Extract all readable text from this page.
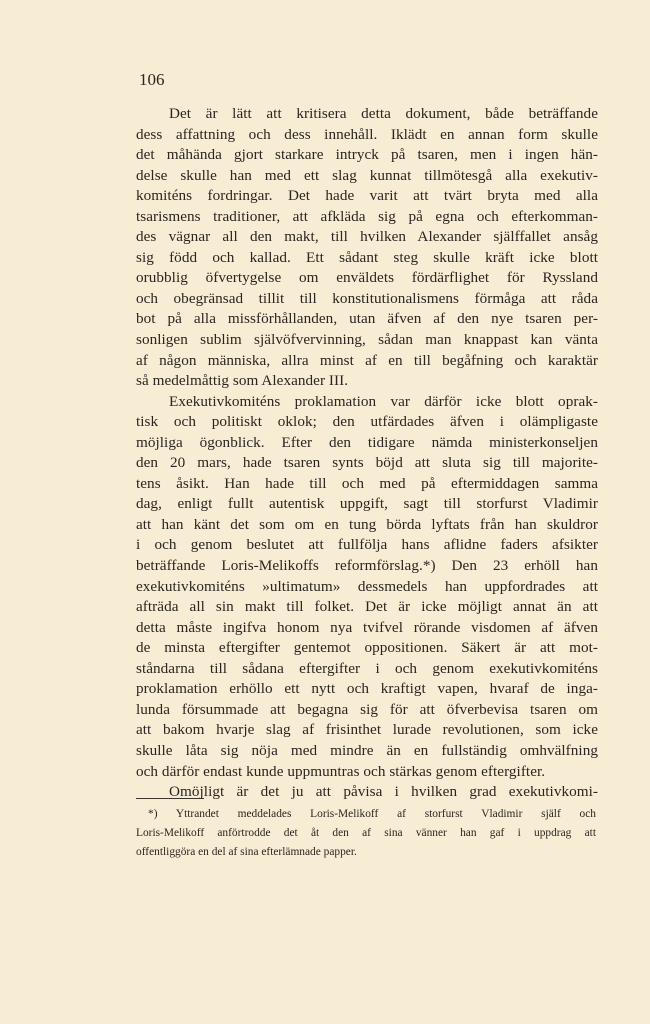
106
Det är lätt att kritisera detta dokument, både beträffande
dess affattning och dess innehåll. Iklädt en annan form skulle
det måhända gjort starkare intryck på tsaren, men i ingen hän-
delse skulle han med ett slag kunnat tillmötesgå alla exekutiv-
komiténs fordringar. Det hade varit att tvärt bryta med alla
tsarismens traditioner, att afkläda sig på egna och efterkomman-
des vägnar all den makt, till hvilken Alexander själffallet ansåg
sig född och kallad. Ett sådant steg skulle kräft icke blott
orubblig öfvertygelse om enväldets fördärflighet för Ryssland
och obegränsad tillit till konstitutionalismens förmåga att råda
bot på alla missförhållanden, utan äfven af den nye tsaren per-
sonligen sublim självöfvervinning, sådan man knappast kan vänta
af någon människa, allra minst af en till begåfning och karaktär
så medelmåttig som Alexander III.
Exekutivkomiténs proklamation var därför icke blott oprak-
tisk och politiskt oklok; den utfärdades äfven i olämpligaste
möjliga ögonblick. Efter den tidigare nämda ministerkonseljen
den 20 mars, hade tsaren synts böjd att sluta sig till majorite-
tens åsikt. Han hade till och med på eftermiddagen samma
dag, enligt fullt autentisk uppgift, sagt till storfurst Vladimir
att han känt det som om en tung börda lyftats från han skuldror
i och genom beslutet att fullfölja hans aflidne faders afsikter
beträffande Loris-Melikoffs reformförslag.*) Den 23 erhöll han
exekutivkomiténs »ultimatum» dessmedels han uppfordrades att
afträda all sin makt till folket. Det är icke möjligt annat än att
detta måste ingifva honom nya tvifvel rörande visdomen af äfven
de minsta eftergifter gentemot oppositionen. Säkert är att mot-
ståndarna till sådana eftergifter i och genom exekutivkomiténs
proklamation erhöllo ett nytt och kraftigt vapen, hvaraf de inga-
lunda försummade att begagna sig för att öfverbevisa tsaren om
att bakom hvarje slag af frisinthet lurade revolutionen, som icke
skulle låta sig nöja med mindre än en fullständig omhvälfning
och därför endast kunde uppmuntras och stärkas genom eftergifter.
Omöjligt är det ju att påvisa i hvilken grad exekutivkomi-
*) Yttrandet meddelades Loris-Melikoff af storfurst Vladimir själf och
Loris-Melikoff anförtrodde det åt den af sina vänner han gaf i uppdrag att
offentliggöra en del af sina efterlämnade papper.
